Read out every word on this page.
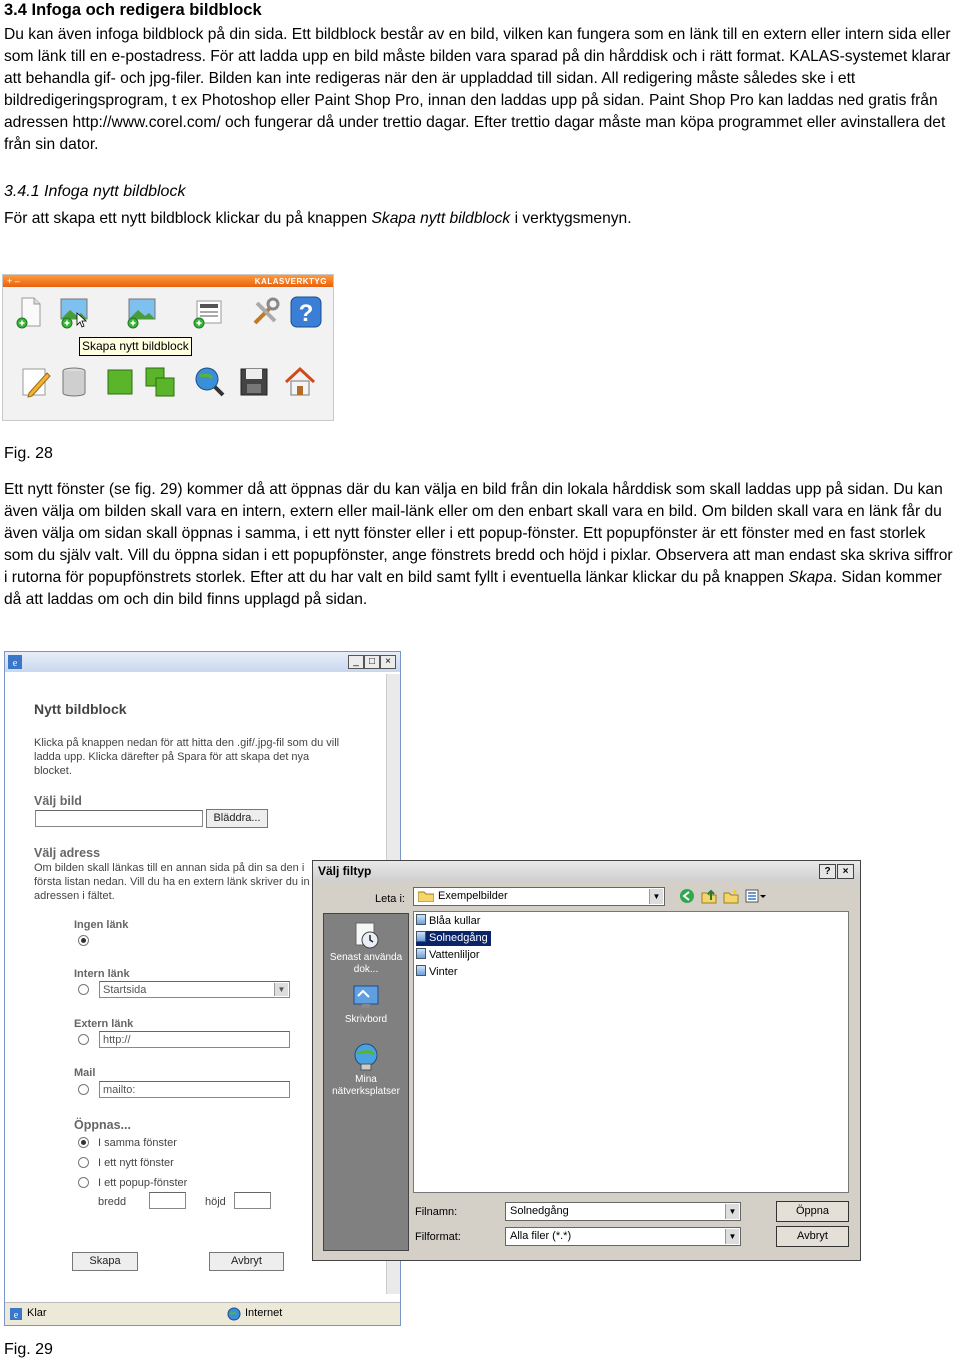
3.4 Infoga och redigera bildblock

Du kan även infoga bildblock på din sida. Ett bildblock består av en bild, vilken kan fungera som en länk till en extern eller intern sida eller som länk till en e-postadress. För att ladda upp en bild måste bilden vara sparad på din hårddisk och i rätt format. KALAS-systemet klarar att behandla gif- och jpg-filer. Bilden kan inte redigeras när den är uppladdad till sidan. All redigering måste således ske i ett bildredigeringsprogram, t ex Photoshop eller Paint Shop Pro, innan den laddas upp på sidan. Paint Shop Pro kan laddas ned gratis från adressen http://www.corel.com/ och fungerar då under trettio dagar. Efter trettio dagar måste man köpa programmet eller avinstallera det från sin dator.

3.4.1 Infoga nytt bildblock

För att skapa ett nytt bildblock klickar du på knappen Skapa nytt bildblock i verktygsmenyn.

+ –	KALASVERKTYG
?
Skapa nytt bildblock
Fig. 28

Ett nytt fönster (se fig. 29) kommer då att öppnas där du kan välja en bild från din lokala hårddisk som skall laddas upp på sidan. Du kan även välja om bilden skall vara en intern, extern eller mail-länk eller om den enbart skall vara en bild. Om bilden skall vara en länk får du även välja om sidan skall öppnas i samma, i ett nytt fönster eller i ett popup-fönster. Ett popupfönster är ett fönster med en fast storlek som du själv valt. Vill du öppna sidan i ett popupfönster, ange fönstrets bredd och höjd i pixlar. Observera att man endast ska skriva siffror i rutorna för popupfönstrets storlek. Efter att du har valt en bild samt fyllt i eventuella länkar klickar du på knappen Skapa. Sidan kommer då att laddas om och din bild finns upplagd på sidan.

e	_	□	×
Nytt bildblock
Klicka på knappen nedan för att hitta den .gif/.jpg-fil som du vill ladda upp. Klicka därefter på Spara för att skapa det nya blocket.
Välj bild
Bläddra...
Välj adress
Om bilden skall länkas till en annan sida på din sa den i första listan nedan. Vill du ha en extern länk skriver du in adressen i fältet.
Ingen länk
Intern länk
Startsida	▼
Extern länk
http://
Mail
mailto:
Öppnas...
I samma fönster
I ett nytt fönster
I ett popup-fönster
bredd	höjd
Skapa	Avbryt
e Klar	Internet
Välj filtyp	?	×
Leta i:	Exempelbilder	▼
Senast använda dok...
Skrivbord
Mina nätverksplatser
Blåa kullar
Solnedgång
Vattenliljor
Vinter
Filnamn:	Solnedgång	▼
Filformat:	Alla filer (*.*)	▼
Öppna
Avbryt
Fig. 29
